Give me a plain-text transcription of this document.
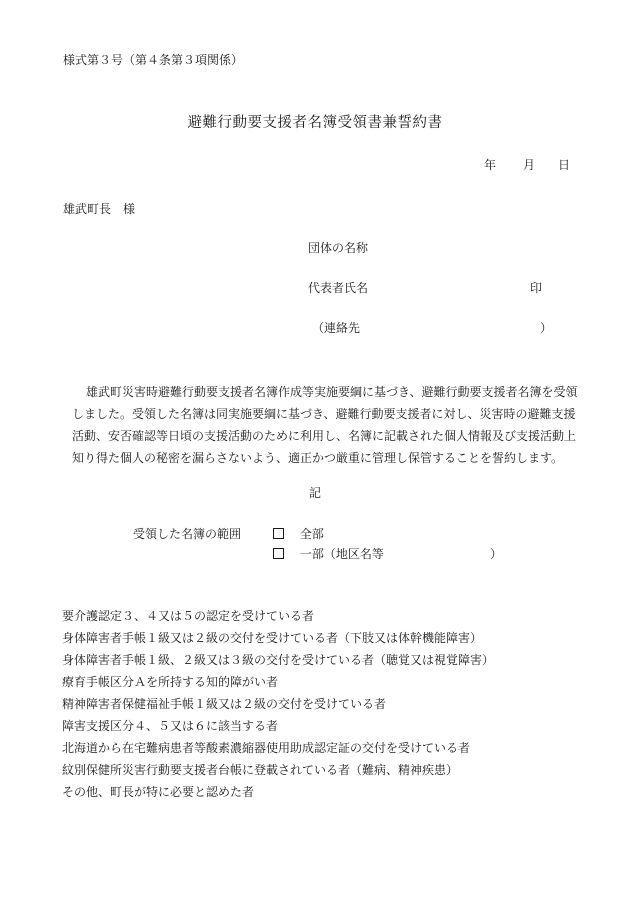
様式第３号（第４条第３項関係）
避難行動要支援者名簿受領書兼誓約書
年 月 日
雄武町長　様
団体の名称
代表者氏名	印
（連絡先	）
雄武町災害時避難行動要支援者名簿作成等実施要綱に基づき、避難行動要支援者名簿を受領
しました。受領した名簿は同実施要綱に基づき、避難行動要支援者に対し、災害時の避難支援
活動、安否確認等日頃の支援活動のために利用し、名簿に記載された個人情報及び支援活動上
知り得た個人の秘密を漏らさないよう、適正かつ厳重に管理し保管することを誓約します。
記
受領した名簿の範囲	全部
一部（地区名等	）
要介護認定３、４又は５の認定を受けている者
身体障害者手帳１級又は２級の交付を受けている者（下肢又は体幹機能障害）
身体障害者手帳１級、２級又は３級の交付を受けている者（聴覚又は視覚障害）
療育手帳区分Ａを所持する知的障がい者
精神障害者保健福祉手帳１級又は２級の交付を受けている者
障害支援区分４、５又は６に該当する者
北海道から在宅難病患者等酸素濃縮器使用助成認定証の交付を受けている者
紋別保健所災害行動要支援者台帳に登載されている者（難病、精神疾患）
その他、町長が特に必要と認めた者
